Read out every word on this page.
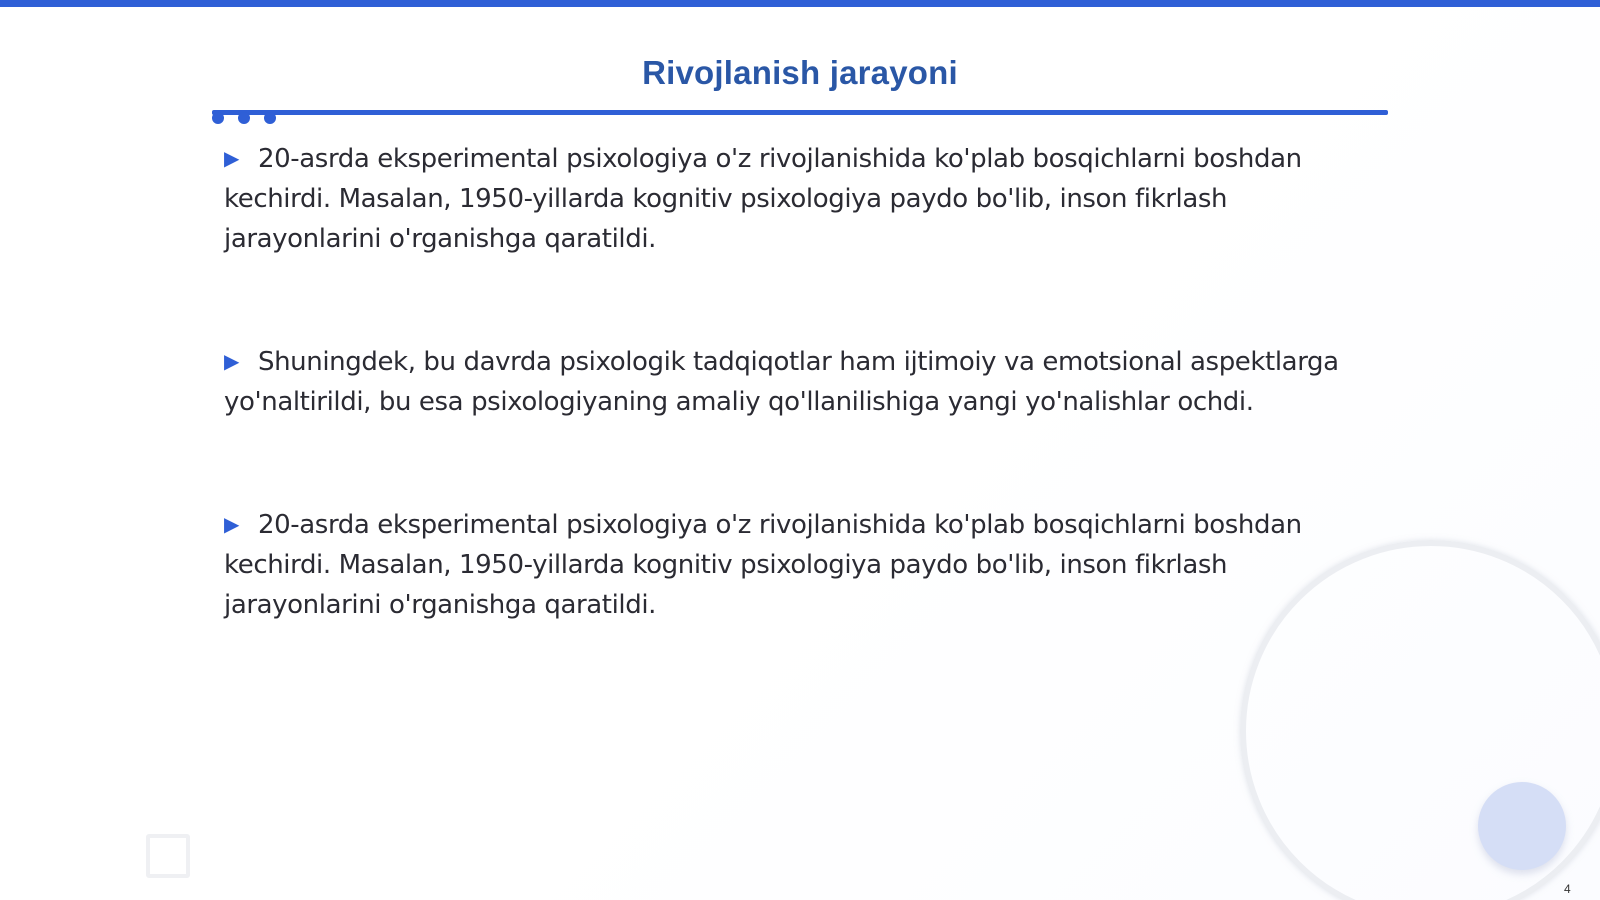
Rivojlanish jarayoni

▶ 20-asrda eksperimental psixologiya o'z rivojlanishida ko'plab bosqichlarni boshdan kechirdi. Masalan, 1950-yillarda kognitiv psixologiya paydo bo'lib, inson fikrlash jarayonlarini o'rganishga qaratildi.

▶ Shuningdek, bu davrda psixologik tadqiqotlar ham ijtimoiy va emotsional aspektlarga yo'naltirildi, bu esa psixologiyaning amaliy qo'llanilishiga yangi yo'nalishlar ochdi.

▶ 20-asrda eksperimental psixologiya o'z rivojlanishida ko'plab bosqichlarni boshdan kechirdi. Masalan, 1950-yillarda kognitiv psixologiya paydo bo'lib, inson fikrlash jarayonlarini o'rganishga qaratildi.

4
